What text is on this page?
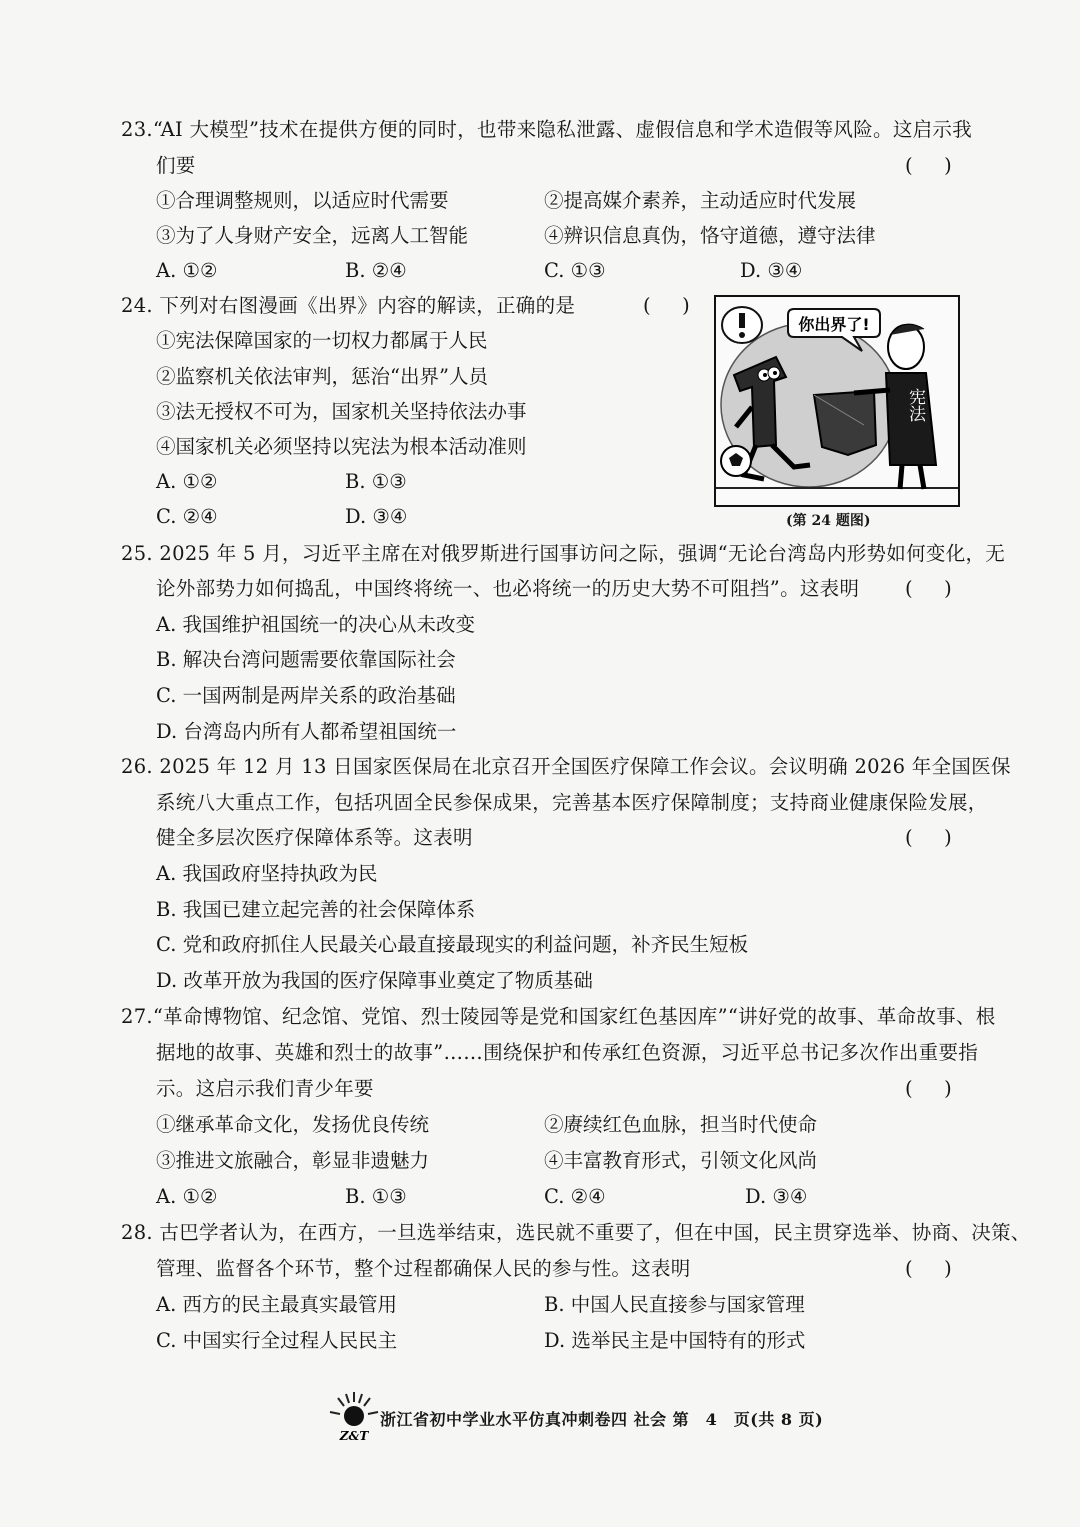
23.“AI 大模型”技术在提供方便的同时，也带来隐私泄露、虚假信息和学术造假等风险。这启示我
们要	(　)
①合理调整规则，以适应时代需要	②提高媒介素养，主动适应时代发展
③为了人身财产安全，远离人工智能	④辨识信息真伪，恪守道德，遵守法律
A. ①②	B. ②④	C. ①③	D. ③④
24. 下列对右图漫画《出界》内容的解读，正确的是	(　)
①宪法保障国家的一切权力都属于人民
②监察机关依法审判，惩治“出界”人员
③法无授权不可为，国家机关坚持依法办事
④国家机关必须坚持以宪法为根本活动准则
A. ①②	B. ①③
C. ②④	D. ③④
你出界了!
宪法
(第 24 题图)
25. 2025 年 5 月，习近平主席在对俄罗斯进行国事访问之际，强调“无论台湾岛内形势如何变化，无
论外部势力如何捣乱，中国终将统一、也必将统一的历史大势不可阻挡”。这表明 (　)
A. 我国维护祖国统一的决心从未改变
B. 解决台湾问题需要依靠国际社会
C. 一国两制是两岸关系的政治基础
D. 台湾岛内所有人都希望祖国统一
26. 2025 年 12 月 13 日国家医保局在北京召开全国医疗保障工作会议。会议明确 2026 年全国医保
系统八大重点工作，包括巩固全民参保成果，完善基本医疗保障制度；支持商业健康保险发展，
健全多层次医疗保障体系等。这表明	(　)
A. 我国政府坚持执政为民
B. 我国已建立起完善的社会保障体系
C. 党和政府抓住人民最关心最直接最现实的利益问题，补齐民生短板
D. 改革开放为我国的医疗保障事业奠定了物质基础
27.“革命博物馆、纪念馆、党馆、烈士陵园等是党和国家红色基因库”“讲好党的故事、革命故事、根
据地的故事、英雄和烈士的故事”……围绕保护和传承红色资源，习近平总书记多次作出重要指
示。这启示我们青少年要	(　)
①继承革命文化，发扬优良传统	②赓续红色血脉，担当时代使命
③推进文旅融合，彰显非遗魅力	④丰富教育形式，引领文化风尚
A. ①②	B. ①③	C. ②④	D. ③④
28. 古巴学者认为，在西方，一旦选举结束，选民就不重要了，但在中国，民主贯穿选举、协商、决策、
管理、监督各个环节，整个过程都确保人民的参与性。这表明	(　)
A. 西方的民主最真实最管用	B. 中国人民直接参与国家管理
C. 中国实行全过程人民民主	D. 选举民主是中国特有的形式
Z&T
浙江省初中学业水平仿真冲刺卷四 社会 第　4　页(共 8 页)
